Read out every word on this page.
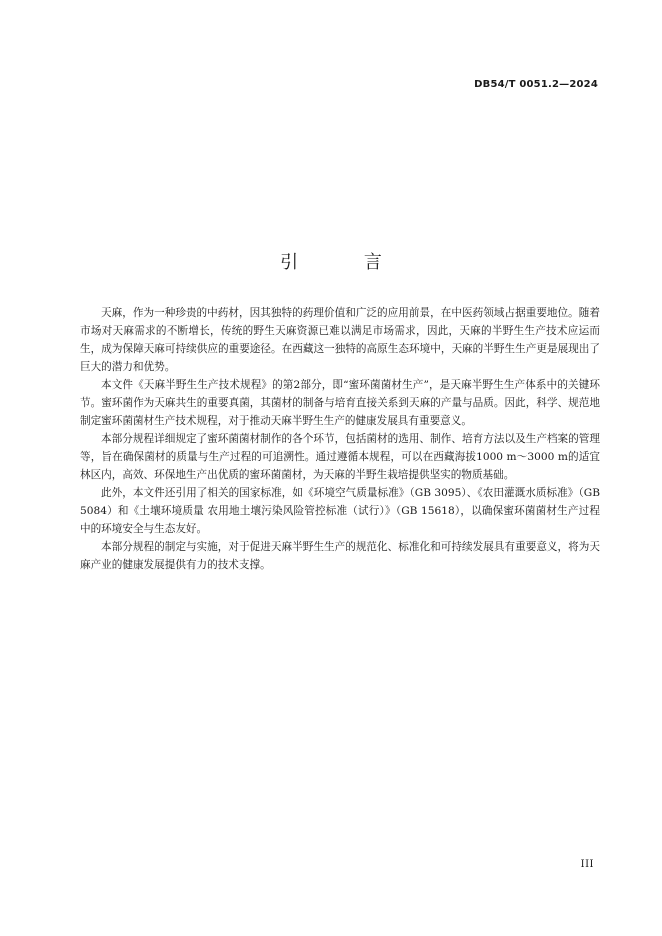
DB54/T 0051.2—2024
引 言

天麻，作为一种珍贵的中药材，因其独特的药理价值和广泛的应用前景，在中医药领域占据重要地位。随着市场对天麻需求的不断增长，传统的野生天麻资源已难以满足市场需求，因此，天麻的半野生生产技术应运而生，成为保障天麻可持续供应的重要途径。在西藏这一独特的高原生态环境中，天麻的半野生生产更是展现出了巨大的潜力和优势。

本文件《天麻半野生生产技术规程》的第2部分，即“蜜环菌菌材生产”，是天麻半野生生产体系中的关键环节。蜜环菌作为天麻共生的重要真菌，其菌材的制备与培育直接关系到天麻的产量与品质。因此，科学、规范地制定蜜环菌菌材生产技术规程，对于推动天麻半野生生产的健康发展具有重要意义。

本部分规程详细规定了蜜环菌菌材制作的各个环节，包括菌材的选用、制作、培育方法以及生产档案的管理等，旨在确保菌材的质量与生产过程的可追溯性。通过遵循本规程，可以在西藏海拔1000 m～3000 m的适宜林区内，高效、环保地生产出优质的蜜环菌菌材，为天麻的半野生栽培提供坚实的物质基础。

此外，本文件还引用了相关的国家标准，如《环境空气质量标准》（GB 3095）、《农田灌溉水质标准》（GB 5084）和《土壤环境质量 农用地土壤污染风险管控标准（试行）》（GB 15618），以确保蜜环菌菌材生产过程中的环境安全与生态友好。

本部分规程的制定与实施，对于促进天麻半野生生产的规范化、标准化和可持续发展具有重要意义，将为天麻产业的健康发展提供有力的技术支撑。

III
